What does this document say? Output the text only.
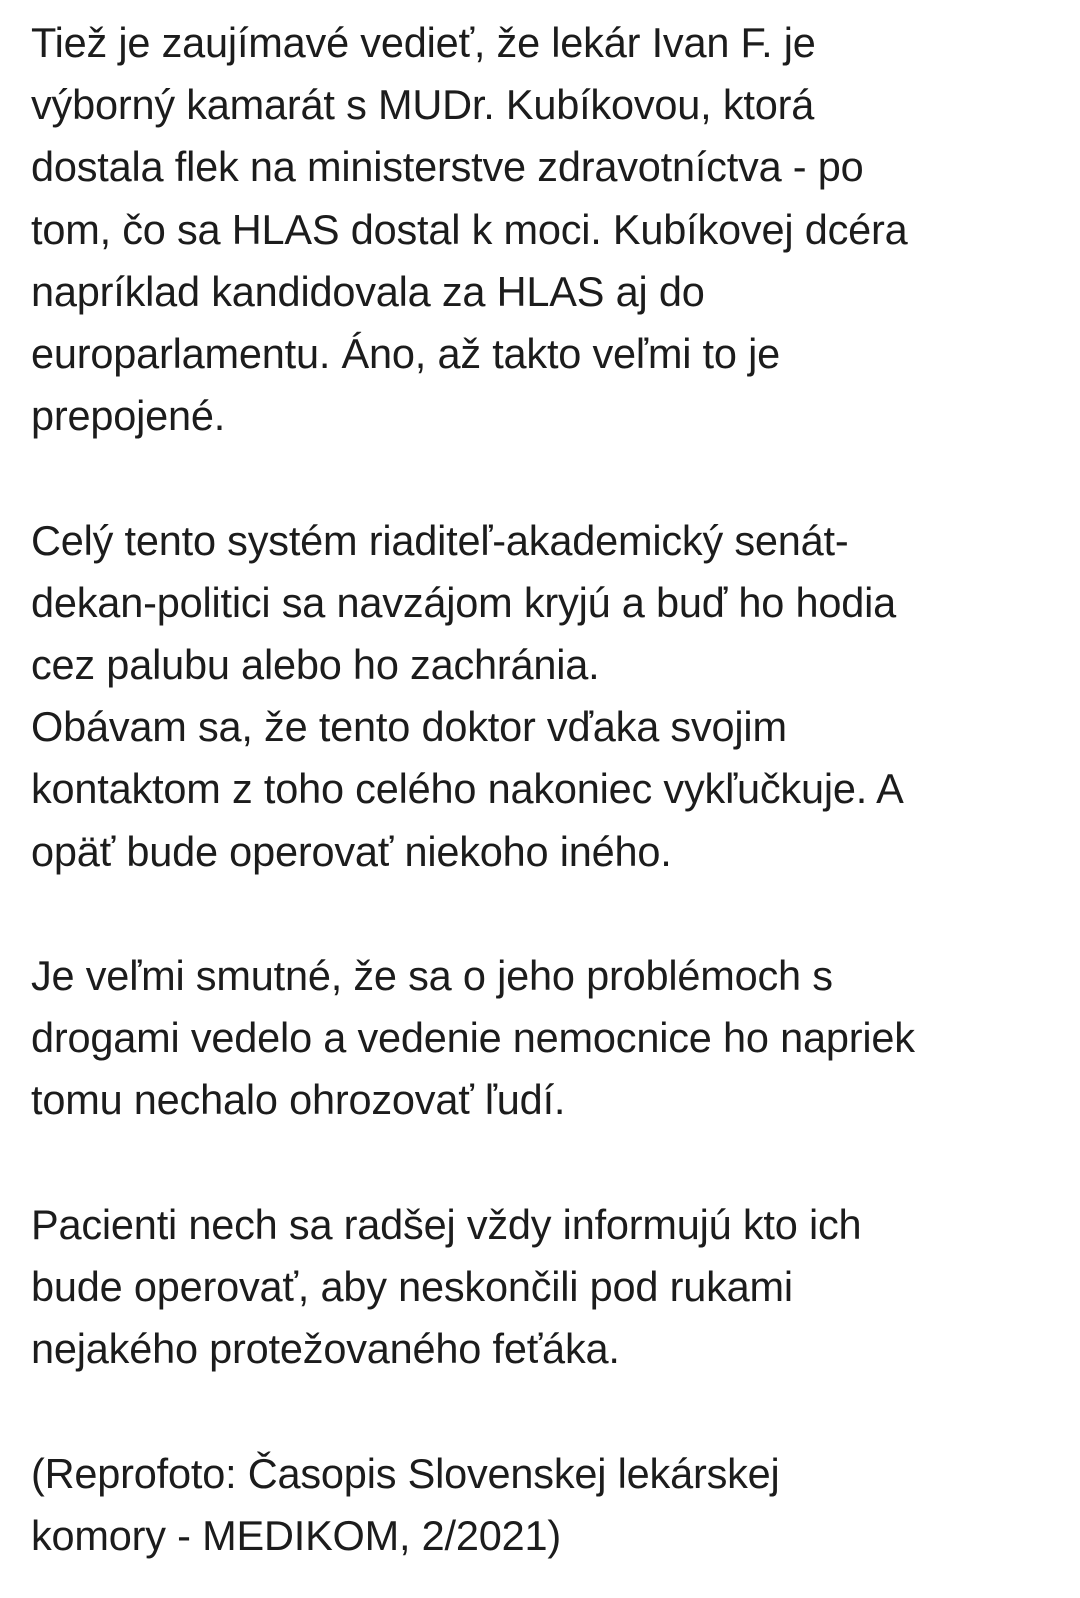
Tiež je zaujímavé vedieť, že lekár Ivan F. je
výborný kamarát s MUDr. Kubíkovou, ktorá
dostala flek na ministerstve zdravotníctva - po
tom, čo sa HLAS dostal k moci. Kubíkovej dcéra
napríklad kandidovala za HLAS aj do
europarlamentu. Áno, až takto veľmi to je
prepojené.

Celý tento systém riaditeľ-akademický senát-
dekan-politici sa navzájom kryjú a buď ho hodia
cez palubu alebo ho zachránia.
Obávam sa, že tento doktor vďaka svojim
kontaktom z toho celého nakoniec vykľučkuje. A
opäť bude operovať niekoho iného.

Je veľmi smutné, že sa o jeho problémoch s
drogami vedelo a vedenie nemocnice ho napriek
tomu nechalo ohrozovať ľudí.

Pacienti nech sa radšej vždy informujú kto ich
bude operovať, aby neskončili pod rukami
nejakého protežovaného feťáka.

(Reprofoto: Časopis Slovenskej lekárskej
komory - MEDIKOM, 2/2021)
